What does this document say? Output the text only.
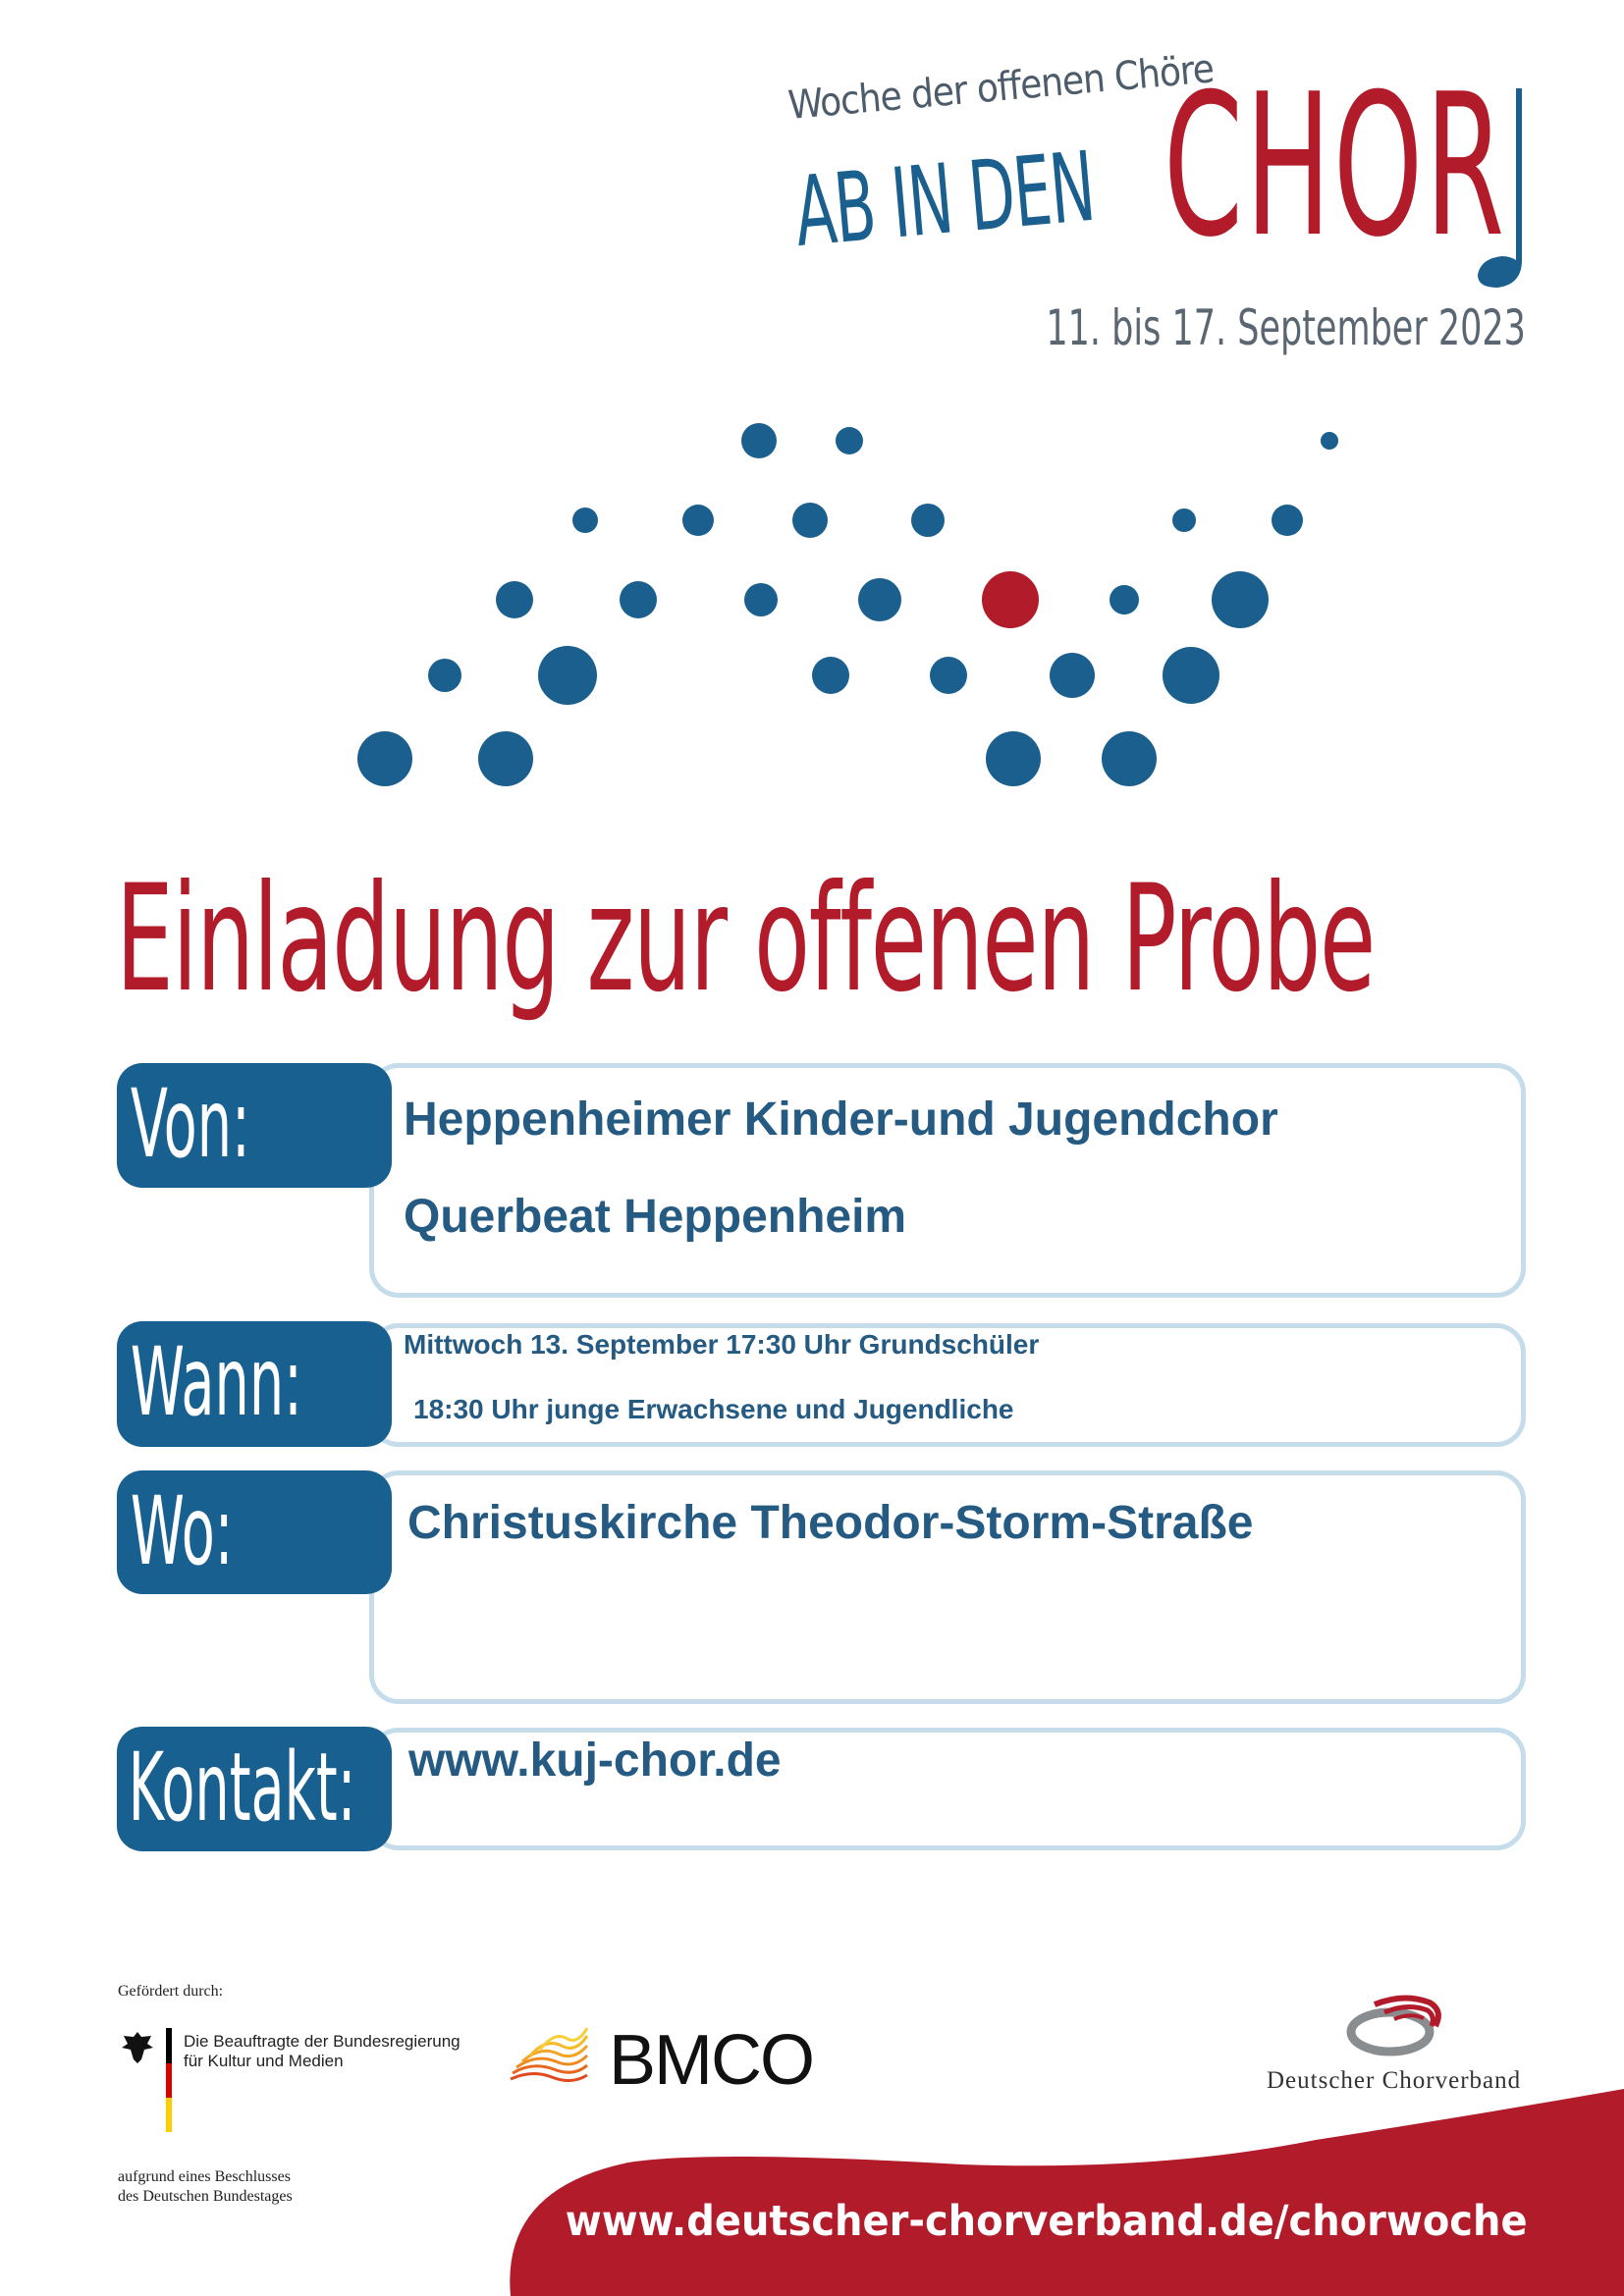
Woche der offenen Chöre
AB IN DEN CHOR
11. bis 17. September 2023
Einladung zur offenen Probe
Von:	Heppenheimer Kinder-und Jugendchor
Querbeat Heppenheim
Wann:	Mittwoch 13. September 17:30 Uhr Grundschüler
18:30 Uhr junge Erwachsene und Jugendliche
Wo:	Christuskirche Theodor-Storm-Straße
Kontakt: www.kuj-chor.de
Gefördert durch:
Die Beauftragte der Bundesregierung
für Kultur und Medien
aufgrund eines Beschlusses
des Deutschen Bundestages
BMCO	Deutscher Chorverband
www.deutscher-chorverband.de/chorwoche
